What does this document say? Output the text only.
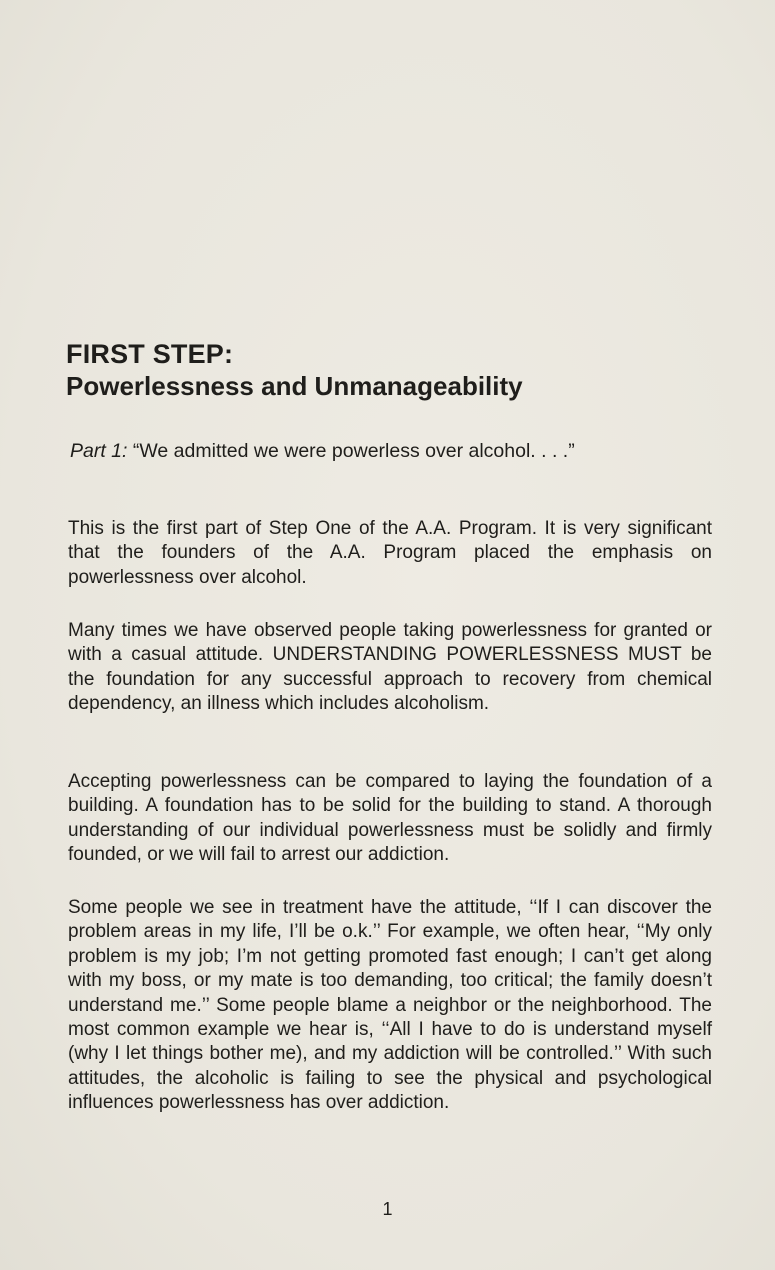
FIRST STEP:
Powerlessness and Unmanageability
Part 1: “We admitted we were powerless over alcohol. . . .”

This is the first part of Step One of the A.A. Program. It is very significant that the founders of the A.A. Program placed the emphasis on powerlessness over alcohol.

Many times we have observed people taking powerlessness for granted or with a casual attitude. UNDERSTANDING POWERLESSNESS MUST be the foundation for any successful approach to recovery from chemical dependency, an illness which includes alcoholism.

Accepting powerlessness can be compared to laying the foundation of a building. A foundation has to be solid for the building to stand. A thorough understanding of our individual powerlessness must be solidly and firmly founded, or we will fail to arrest our addiction.

Some people we see in treatment have the attitude, ‘‘If I can discover the problem areas in my life, I’ll be o.k.’’ For example, we often hear, ‘‘My only problem is my job; I’m not getting promoted fast enough; I can’t get along with my boss, or my mate is too demanding, too critical; the family doesn’t understand me.’’ Some people blame a neighbor or the neighborhood. The most common example we hear is, ‘‘All I have to do is understand myself (why I let things bother me), and my addiction will be controlled.’’ With such attitudes, the alcoholic is failing to see the physical and psychological influences powerlessness has over addiction.

1
